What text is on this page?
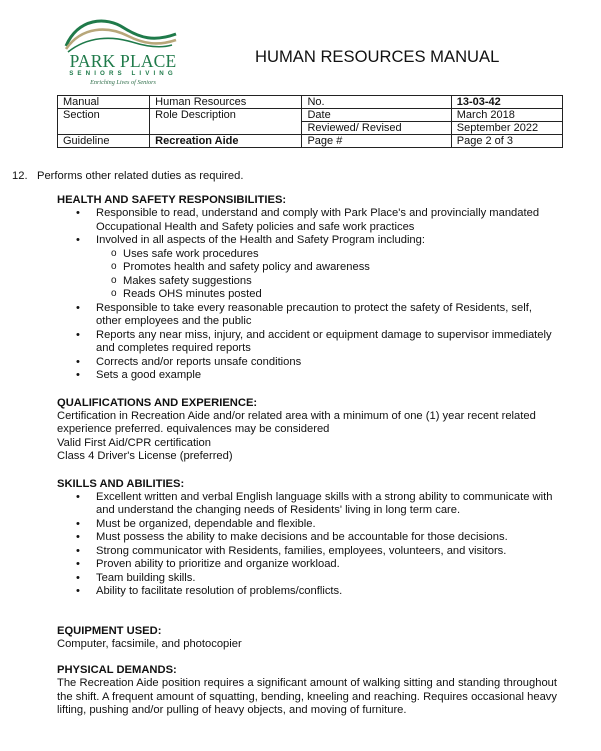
PARK PLACE
SENIORS LIVING
Enriching Lives of Seniors
HUMAN RESOURCES MANUAL
Manual	Human Resources	No.	13-03-42
Section	Role Description	Date	March 2018
		Reviewed/ Revised	September 2022
Guideline	Recreation Aide	Page #	Page 2 of 3
12. Performs other related duties as required.
HEALTH AND SAFETY RESPONSIBILITIES:
• Responsible to read, understand and comply with Park Place's and provincially mandated Occupational Health and Safety policies and safe work practices
• Involved in all aspects of the Health and Safety Program including:
o Uses safe work procedures
o Promotes health and safety policy and awareness
o Makes safety suggestions
o Reads OHS minutes posted
• Responsible to take every reasonable precaution to protect the safety of Residents, self, other employees and the public
• Reports any near miss, injury, and accident or equipment damage to supervisor immediately and completes required reports
• Corrects and/or reports unsafe conditions
• Sets a good example
QUALIFICATIONS AND EXPERIENCE:
Certification in Recreation Aide and/or related area with a minimum of one (1) year recent related experience preferred. equivalences may be considered
Valid First Aid/CPR certification
Class 4 Driver's License (preferred)
SKILLS AND ABILITIES:
• Excellent written and verbal English language skills with a strong ability to communicate with and understand the changing needs of Residents' living in long term care.
• Must be organized, dependable and flexible.
• Must possess the ability to make decisions and be accountable for those decisions.
• Strong communicator with Residents, families, employees, volunteers, and visitors.
• Proven ability to prioritize and organize workload.
• Team building skills.
• Ability to facilitate resolution of problems/conflicts.
EQUIPMENT USED:
Computer, facsimile, and photocopier
PHYSICAL DEMANDS:
The Recreation Aide position requires a significant amount of walking sitting and standing throughout the shift. A frequent amount of squatting, bending, kneeling and reaching. Requires occasional heavy lifting, pushing and/or pulling of heavy objects, and moving of furniture.
